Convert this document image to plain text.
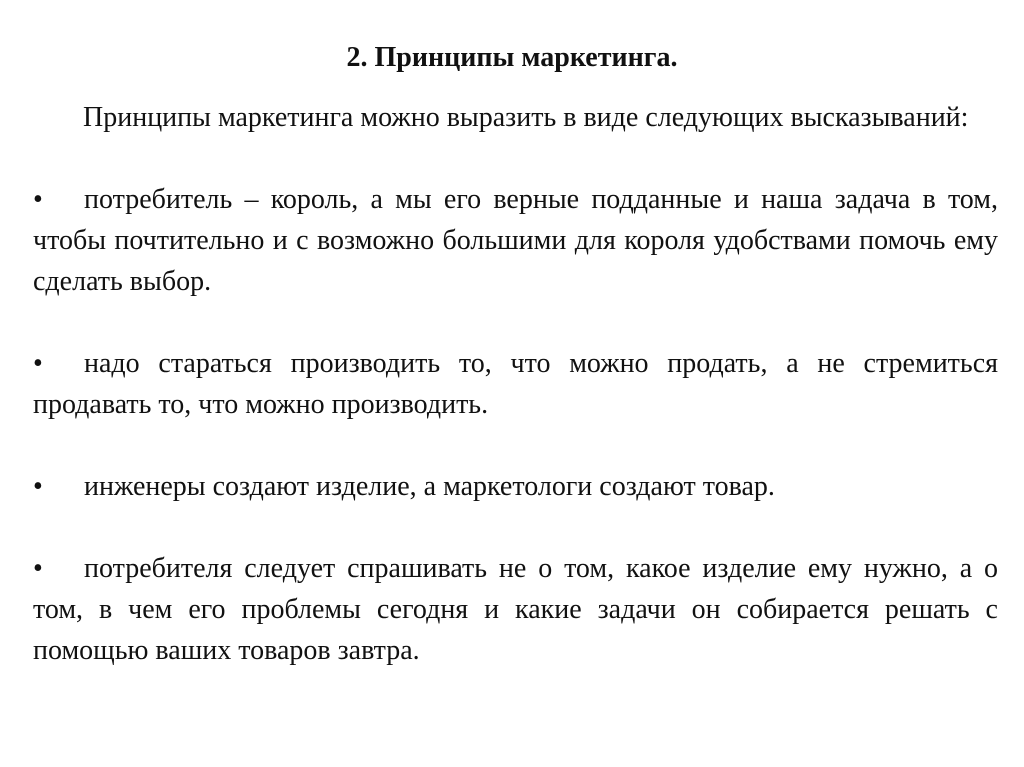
2. Принципы маркетинга.

Принципы маркетинга можно выразить в виде следующих высказываний:

• потребитель – король, а мы его верные подданные и наша задача в том, чтобы почтительно и с возможно большими для короля удобствами помочь ему сделать выбор.

• надо стараться производить то, что можно продать, а не стремиться продавать то, что можно производить.

• инженеры создают изделие, а маркетологи создают товар.

• потребителя следует спрашивать не о том, какое изделие ему нужно, а о том, в чем его проблемы сегодня и какие задачи он собирается решать с помощью ваших товаров завтра.
